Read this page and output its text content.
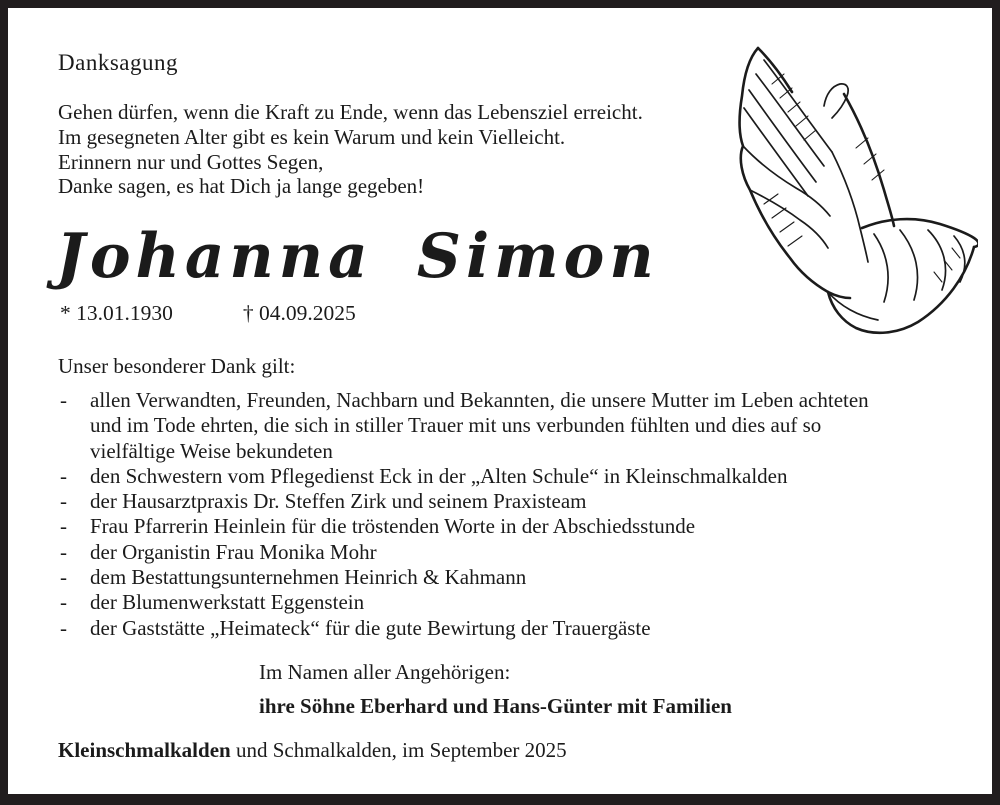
Danksagung
Gehen dürfen, wenn die Kraft zu Ende, wenn das Lebensziel erreicht.
Im gesegneten Alter gibt es kein Warum und kein Vielleicht.
Erinnern nur und Gottes Segen,
Danke sagen, es hat Dich ja lange gegeben!
Johanna Simon
* 13.01.1930	† 04.09.2025
Unser besonderer Dank gilt:
- allen Verwandten, Freunden, Nachbarn und Bekannten, die unsere Mutter im Leben achteten und im Tode ehrten, die sich in stiller Trauer mit uns verbunden fühlten und dies auf so vielfältige Weise bekundeten
- den Schwestern vom Pflegedienst Eck in der „Alten Schule“ in Kleinschmalkalden
- der Hausarztpraxis Dr. Steffen Zirk und seinem Praxisteam
- Frau Pfarrerin Heinlein für die tröstenden Worte in der Abschiedsstunde
- der Organistin Frau Monika Mohr
- dem Bestattungsunternehmen Heinrich & Kahmann
- der Blumenwerkstatt Eggenstein
- der Gaststätte „Heimateck“ für die gute Bewirtung der Trauergäste
Im Namen aller Angehörigen:
ihre Söhne Eberhard und Hans-Günter mit Familien
Kleinschmalkalden und Schmalkalden, im September 2025
